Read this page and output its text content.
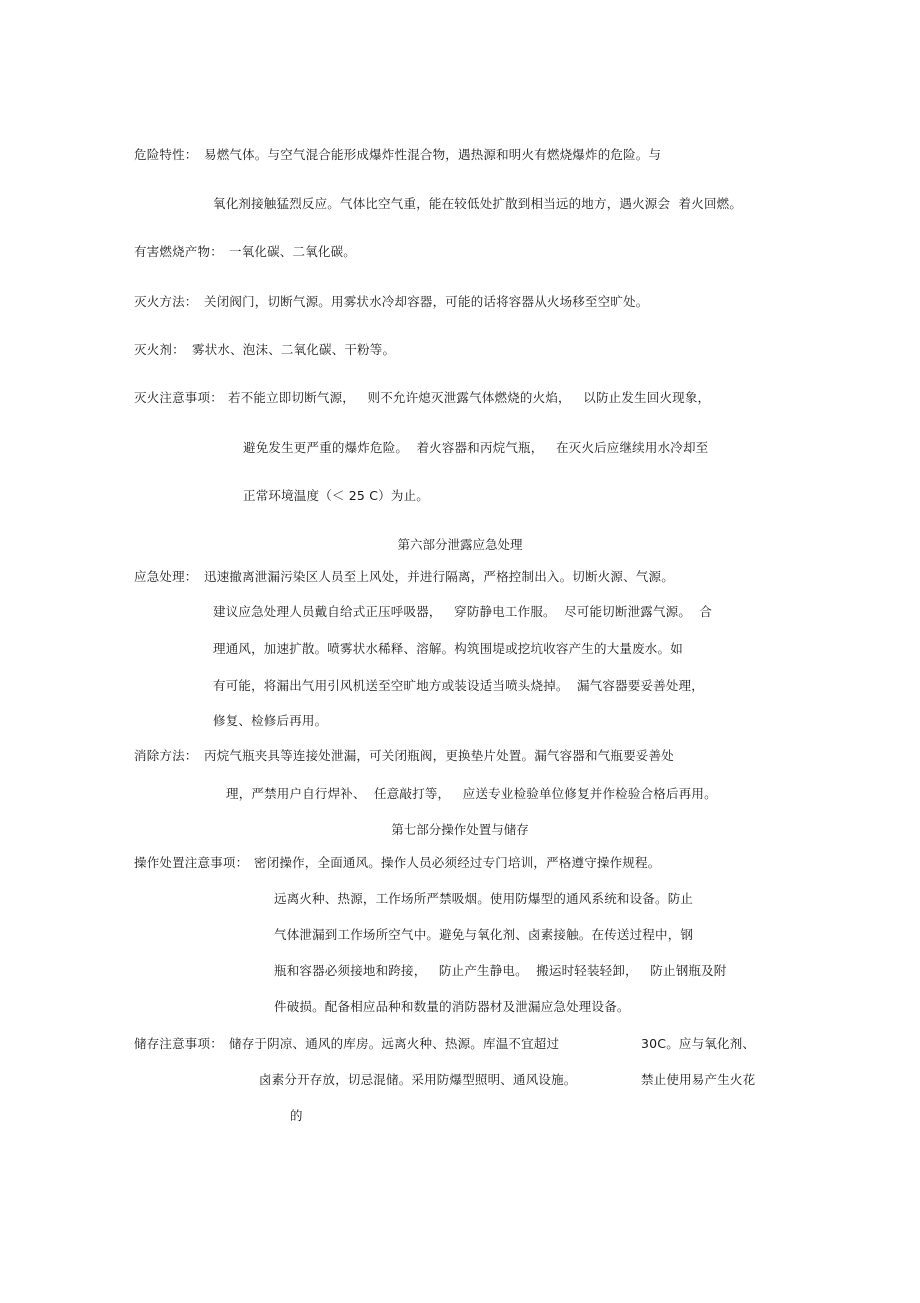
危险特性： 易燃气体。与空气混合能形成爆炸性混合物，遇热源和明火有燃烧爆炸的危险。与
氧化剂接触猛烈反应。气体比空气重，能在较低处扩散到相当远的地方，遇火源会  着火回燃。
有害燃烧产物： 一氧化碳、二氧化碳。
灭火方法： 关闭阀门，切断气源。用雾状水冷却容器，可能的话将容器从火场移至空旷处。
灭火剂： 雾状水、泡沫、二氧化碳、干粉等。
灭火注意事项： 若不能立即切断气源，   则不允许熄灭泄露气体燃烧的火焰，   以防止发生回火现象，
避免发生更严重的爆炸危险。  着火容器和丙烷气瓶，   在灭火后应继续用水冷却至
正常环境温度（＜ 25 C）为止。
第六部分泄露应急处理
应急处理： 迅速撤离泄漏污染区人员至上风处，并进行隔离，严格控制出入。切断火源、气源。
建议应急处理人员戴自给式正压呼吸器，   穿防静电工作服。  尽可能切断泄露气源。  合
理通风，加速扩散。喷雾状水稀释、溶解。构筑围堤或挖坑收容产生的大量废水。如
有可能，将漏出气用引风机送至空旷地方或装设适当喷头烧掉。  漏气容器要妥善处理，
修复、检修后再用。
消除方法： 丙烷气瓶夹具等连接处泄漏，可关闭瓶阀，更换垫片处置。漏气容器和气瓶要妥善处
理，严禁用户自行焊补、  任意敲打等，   应送专业检验单位修复并作检验合格后再用。
第七部分操作处置与储存
操作处置注意事项： 密闭操作，全面通风。操作人员必须经过专门培训，严格遵守操作规程。
远离火种、热源，工作场所严禁吸烟。使用防爆型的通风系统和设备。防止
气体泄漏到工作场所空气中。避免与氧化剂、卤素接触。在传送过程中，钢
瓶和容器必须接地和跨接，   防止产生静电。  搬运时轻装轻卸，   防止钢瓶及附
件破损。配备相应品种和数量的消防器材及泄漏应急处理设备。
储存注意事项： 储存于阴凉、通风的库房。远离火种、热源。库温不宜超过	30C。应与氧化剂、
卤素分开存放，切忌混储。采用防爆型照明、通风设施。	禁止使用易产生火花
的
